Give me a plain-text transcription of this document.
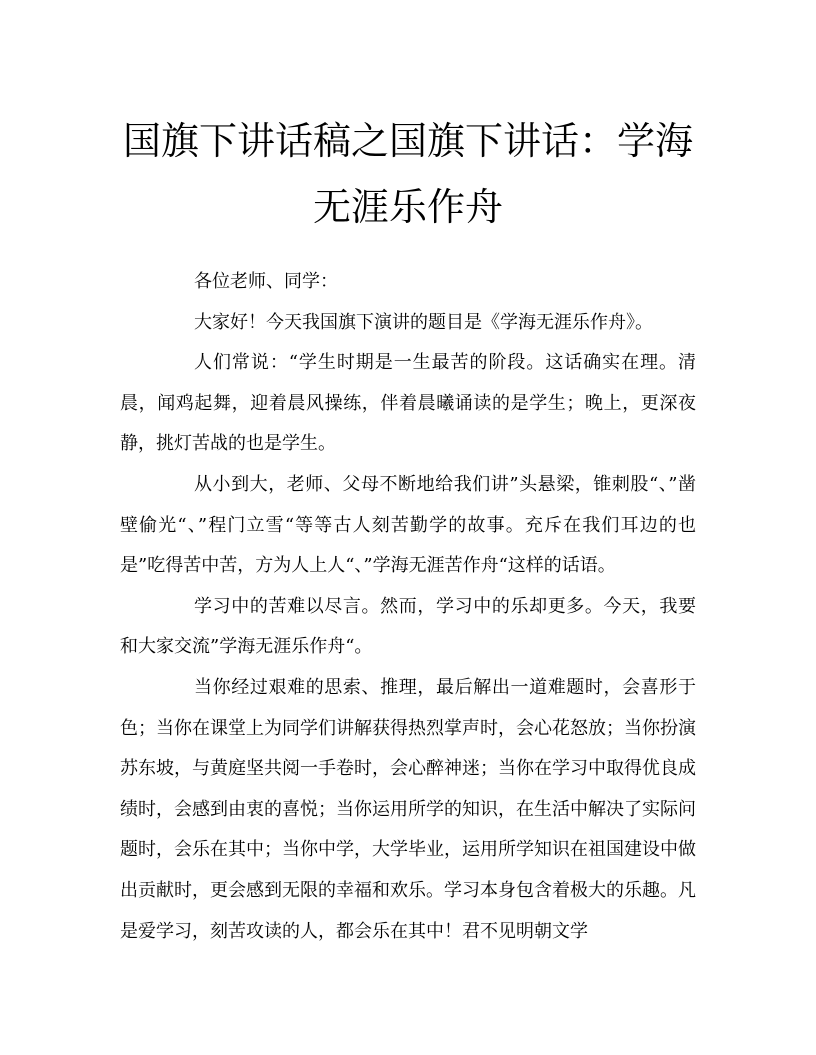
国旗下讲话稿之国旗下讲话：学海无涯乐作舟

各位老师、同学：

大家好！今天我国旗下演讲的题目是《学海无涯乐作舟》。

人们常说：“学生时期是一生最苦的阶段。这话确实在理。清晨，闻鸡起舞，迎着晨风操练，伴着晨曦诵读的是学生；晚上，更深夜静，挑灯苦战的也是学生。

从小到大，老师、父母不断地给我们讲”头悬梁，锥刺股“、”凿壁偷光“、”程门立雪“等等古人刻苦勤学的故事。充斥在我们耳边的也是”吃得苦中苦，方为人上人“、”学海无涯苦作舟“这样的话语。

学习中的苦难以尽言。然而，学习中的乐却更多。今天，我要和大家交流”学海无涯乐作舟“。

当你经过艰难的思索、推理，最后解出一道难题时，会喜形于色；当你在课堂上为同学们讲解获得热烈掌声时，会心花怒放；当你扮演苏东坡，与黄庭坚共阅一手卷时，会心醉神迷；当你在学习中取得优良成绩时，会感到由衷的喜悦；当你运用所学的知识，在生活中解决了实际问题时，会乐在其中；当你中学，大学毕业，运用所学知识在祖国建设中做出贡献时，更会感到无限的幸福和欢乐。学习本身包含着极大的乐趣。凡是爱学习，刻苦攻读的人，都会乐在其中！君不见明朝文学
